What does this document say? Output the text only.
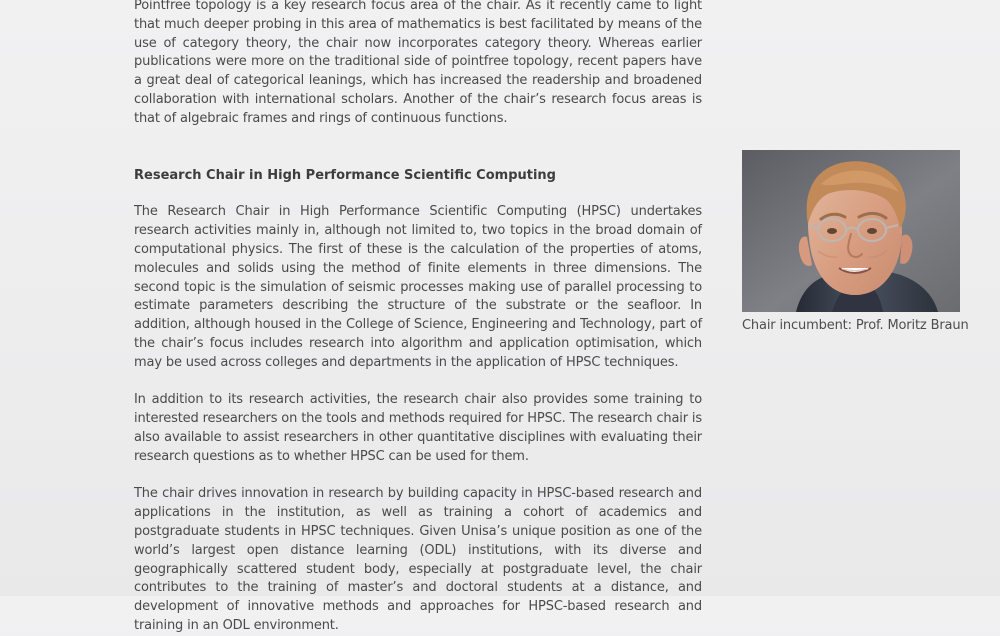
Pointfree topology is a key research focus area of the chair. As it recently came to light that much deeper probing in this area of mathematics is best facilitated by means of the use of category theory, the chair now incorporates category theory. Whereas earlier publications were more on the traditional side of pointfree topology, recent papers have a great deal of categorical leanings, which has increased the readership and broadened collaboration with international scholars. Another of the chair’s research focus areas is that of algebraic frames and rings of continuous functions.

Research Chair in High Performance Scientific Computing

The Research Chair in High Performance Scientific Computing (HPSC) undertakes research activities mainly in, although not limited to, two topics in the broad domain of computational physics. The first of these is the calculation of the properties of atoms, molecules and solids using the method of finite elements in three dimensions. The second topic is the simulation of seismic processes making use of parallel processing to estimate parameters describing the structure of the substrate or the seafloor. In addition, although housed in the College of Science, Engineering and Technology, part of the chair’s focus includes research into algorithm and application optimisation, which may be used across colleges and departments in the application of HPSC techniques.

In addition to its research activities, the research chair also provides some training to interested researchers on the tools and methods required for HPSC. The research chair is also available to assist researchers in other quantitative disciplines with evaluating their research questions as to whether HPSC can be used for them.

The chair drives innovation in research by building capacity in HPSC-based research and applications in the institution, as well as training a cohort of academics and postgraduate students in HPSC techniques. Given Unisa’s unique position as one of the world’s largest open distance learning (ODL) institutions, with its diverse and geographically scattered student body, especially at postgraduate level, the chair contributes to the training of master’s and doctoral students at a distance, and development of innovative methods and approaches for HPSC-based research and training in an ODL environment.

Chair incumbent: Prof. Moritz Braun
